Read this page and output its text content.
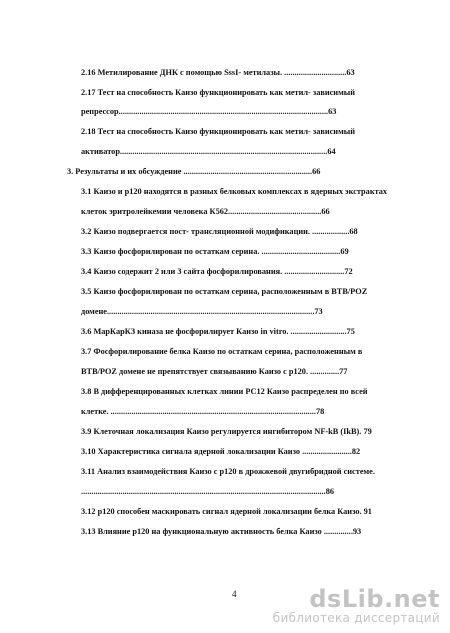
2.16 Метилирование ДНК с помощью SssI- метилазы. ..............................63
2.17 Тест на способность Каизо функционировать как метил- зависимый
репрессор.....................................................................................................63
2.18 Тест на способность Каизо функционировать как метил- зависимый
активатор....................................................................................................64
3. Результаты и их обсуждение ..............................................................66
3.1 Каизо и р120 находятся в разных белковых комплексах в ядерных экстрактах
клеток эритролейкемии человека К562.............................................66
3.2 Каизо подвергается пост- трансляционной модификации. ..................68
3.3 Каизо фосфорилирован по остаткам серина. ......................................69
3.4 Каизо содержит 2 или 3 сайта фосфорилирования. .............................72
3.5 Каизо фосфорилирован по остаткам серина, расположенным в BTB/POZ
домене....................................................................................................73
3.6 МарКарКЗ киназа не фосфорилирует Каизо in vitro. ...........................75
3.7 Фосфорилирование белка Каизо по остаткам серина, расположенным в
BTB/POZ домене не препятствует связыванию Каизо с р120. ..............77
3.8 В дифференцированных клетках линии РС12 Каизо распределен по всей
клетке. ...................................................................................................78
3.9 Клеточная локализация Каизо регулируется ингибитором NF-kB (IkB). 79
3.10 Характеристика сигнала ядерной локализации Каизо ........................82
3.11 Анализ взаимодействия Каизо с р120 в дрожжевой двугибридной системе.
......................................................................................................................86
3.12 р120 способен маскировать сигнал ядерной локализации белка Каизо. 91
3.13 Влияние р120 на функциональную активность белка Каизо ..............93
4	dsLib.net
библиотека диссертаций
